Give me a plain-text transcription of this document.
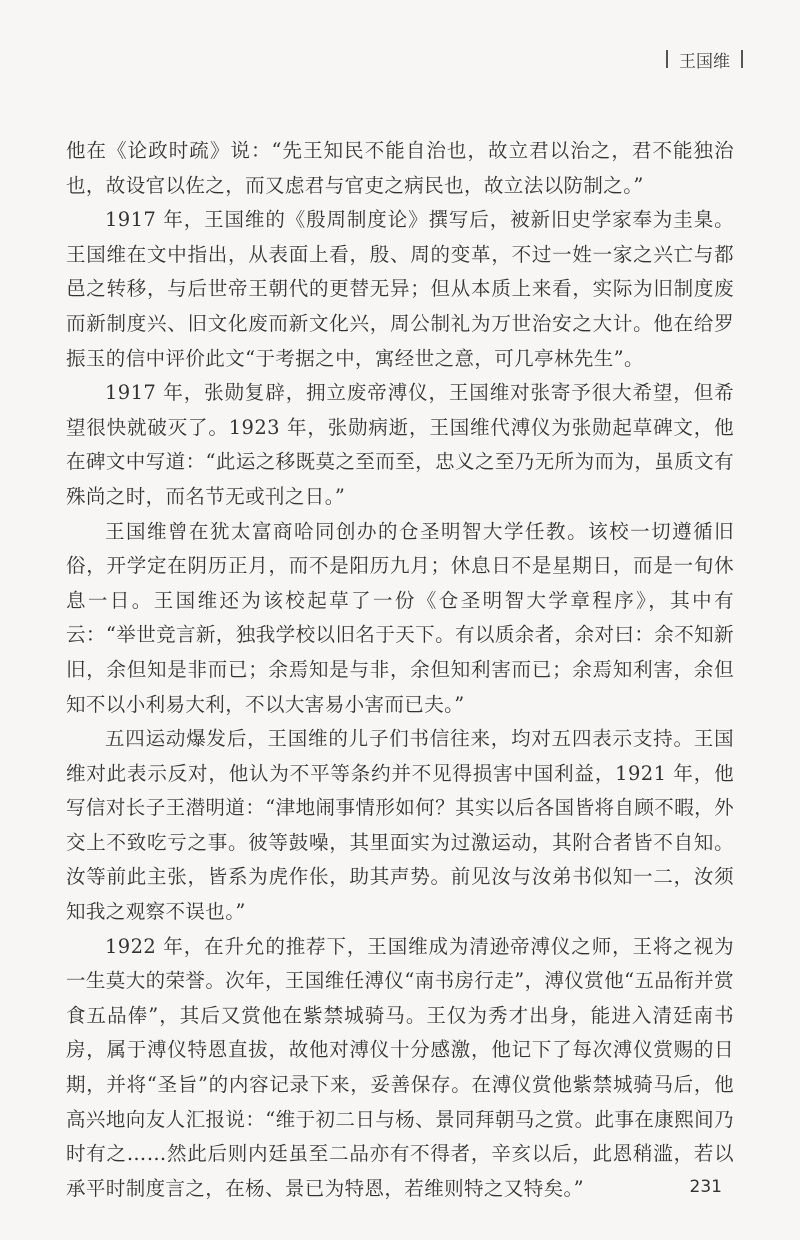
王国维

他在《论政时疏》说：“先王知民不能自治也，故立君以治之，君不能独治也，故设官以佐之，而又虑君与官吏之病民也，故立法以防制之。”

1917 年，王国维的《殷周制度论》撰写后，被新旧史学家奉为圭臬。王国维在文中指出，从表面上看，殷、周的变革，不过一姓一家之兴亡与都邑之转移，与后世帝王朝代的更替无异；但从本质上来看，实际为旧制度废而新制度兴、旧文化废而新文化兴，周公制礼为万世治安之大计。他在给罗振玉的信中评价此文“于考据之中，寓经世之意，可几亭林先生”。

1917 年，张勋复辟，拥立废帝溥仪，王国维对张寄予很大希望，但希望很快就破灭了。1923 年，张勋病逝，王国维代溥仪为张勋起草碑文，他在碑文中写道：“此运之移既莫之至而至，忠义之至乃无所为而为，虽质文有殊尚之时，而名节无或刊之日。”

王国维曾在犹太富商哈同创办的仓圣明智大学任教。该校一切遵循旧俗，开学定在阴历正月，而不是阳历九月；休息日不是星期日，而是一旬休息一日。王国维还为该校起草了一份《仓圣明智大学章程序》，其中有云：“举世竞言新，独我学校以旧名于天下。有以质余者，余对曰：余不知新旧，余但知是非而已；余焉知是与非，余但知利害而已；余焉知利害，余但知不以小利易大利，不以大害易小害而已夫。”

五四运动爆发后，王国维的儿子们书信往来，均对五四表示支持。王国维对此表示反对，他认为不平等条约并不见得损害中国利益，1921 年，他写信对长子王潜明道：“津地闹事情形如何？其实以后各国皆将自顾不暇，外交上不致吃亏之事。彼等鼓噪，其里面实为过激运动，其附合者皆不自知。汝等前此主张，皆系为虎作伥，助其声势。前见汝与汝弟书似知一二，汝须知我之观察不误也。”

1922 年，在升允的推荐下，王国维成为清逊帝溥仪之师，王将之视为一生莫大的荣誉。次年，王国维任溥仪“南书房行走”，溥仪赏他“五品衔并赏食五品俸”，其后又赏他在紫禁城骑马。王仅为秀才出身，能进入清廷南书房，属于溥仪特恩直拔，故他对溥仪十分感激，他记下了每次溥仪赏赐的日期，并将“圣旨”的内容记录下来，妥善保存。在溥仪赏他紫禁城骑马后，他高兴地向友人汇报说：“维于初二日与杨、景同拜朝马之赏。此事在康熙间乃时有之……然此后则内廷虽至二品亦有不得者，辛亥以后，此恩稍滥，若以承平时制度言之，在杨、景已为特恩，若维则特之又特矣。”	231
